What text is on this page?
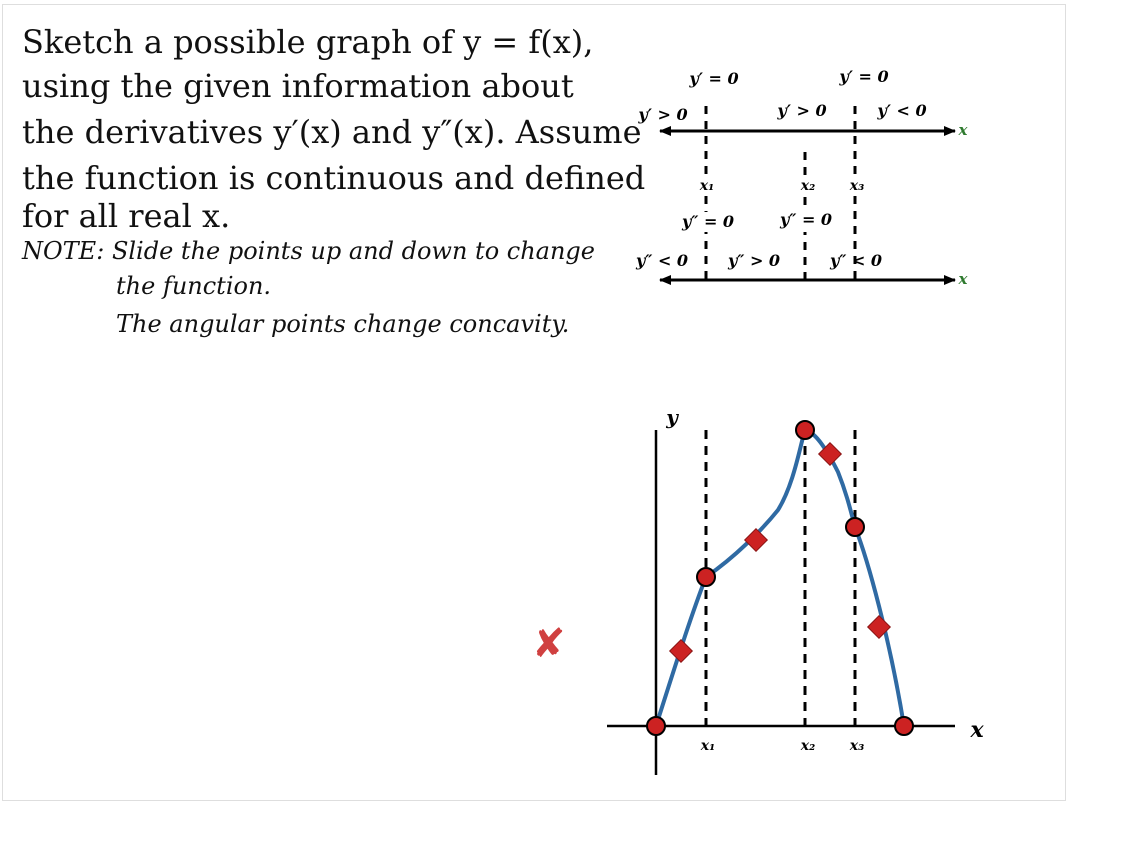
Sketch a possible graph of y = f(x),
using the given information about
the derivatives y′(x) and y″(x). Assume
the function is continuous and defined
for all real x.
NOTE: Slide the points up and down to change
the function.
The angular points change concavity.
✘
y′ = 0	y′ = 0
y′ > 0	y′ > 0	y′ < 0
x₁	x₂ x₃
y″ = 0	y″ = 0
y″ < 0 y″ > 0	y″ < 0
x
x
y
x
x₁	x₂ x₃
